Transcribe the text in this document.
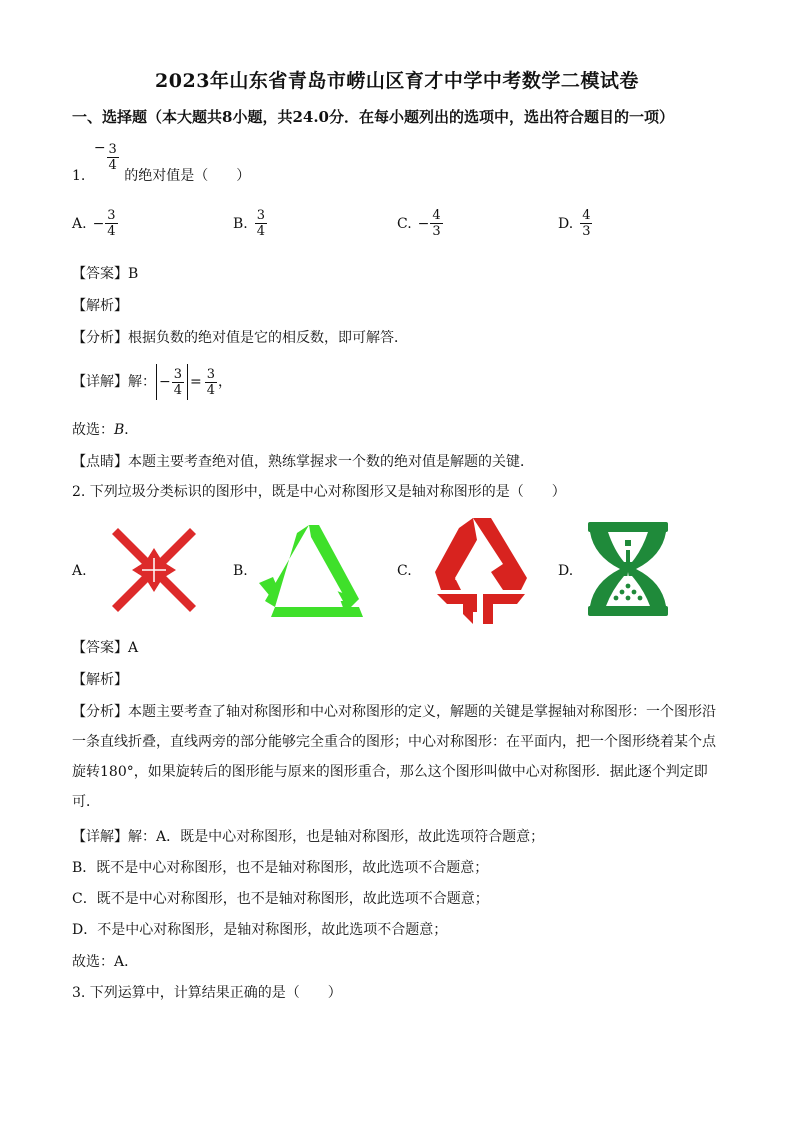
2023年山东省青岛市崂山区育才中学中考数学二模试卷
一、选择题（本大题共8小题，共24.0分．在每小题列出的选项中，选出符合题目的一项）
1.
− $\frac{3}{4}$
的绝对值是（　　）
A. − $\frac{3}{4}$	B. $\frac{3}{4}$	C. − $\frac{4}{3}$	D. $\frac{4}{3}$
【答案】B
【解析】
【分析】根据负数的绝对值是它的相反数，即可解答．
【详解】 解： − $\frac{3}{4} = \frac{3}{4}$ ，
故选：B．
【点睛】本题主要考查绝对值，熟练掌握求一个数的绝对值是解题的关键．
2. 下列垃圾分类标识的图形中，既是中心对称图形又是轴对称图形的是（　　）
A.	B.	C.	D.
【答案】A
【解析】
【分析】本题主要考查了轴对称图形和中心对称图形的定义，解题的关键是掌握轴对称图形：一个图形沿一条直线折叠，直线两旁的部分能够完全重合的图形；中心对称图形：在平面内，把一个图形绕着某个点旋转180°，如果旋转后的图形能与原来的图形重合，那么这个图形叫做中心对称图形．据此逐个判定即可．
【详解】解：A．既是中心对称图形，也是轴对称图形，故此选项符合题意；
B．既不是中心对称图形，也不是轴对称图形，故此选项不合题意；
C．既不是中心对称图形，也不是轴对称图形，故此选项不合题意；
D．不是中心对称图形，是轴对称图形，故此选项不合题意；
故选：A．
3. 下列运算中，计算结果正确的是（　　）
